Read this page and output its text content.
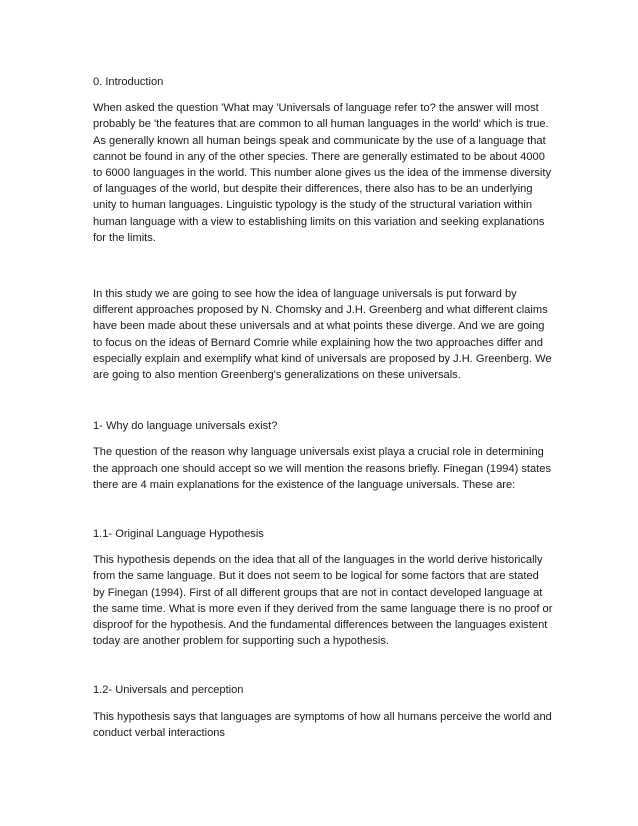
0. Introduction

When asked the question 'What may 'Universals of language refer to? the answer will most probably be 'the features that are common to all human languages in the world' which is true. As generally known all human beings speak and communicate by the use of a language that cannot be found in any of the other species. There are generally estimated to be about 4000 to 6000 languages in the world. This number alone gives us the idea of the immense diversity of languages of the world, but despite their differences, there also has to be an underlying unity to human languages. Linguistic typology is the study of the structural variation within human language with a view to establishing limits on this variation and seeking explanations for the limits.

In this study we are going to see how the idea of language universals is put forward by different approaches proposed by N. Chomsky and J.H. Greenberg and what different claims have been made about these universals and at what points these diverge. And we are going to focus on the ideas of Bernard Comrie while explaining how the two approaches differ and especially explain and exemplify what kind of universals are proposed by J.H. Greenberg. We are going to also mention Greenberg's generalizations on these universals.

1- Why do language universals exist?

The question of the reason why language universals exist playa a crucial role in determining the approach one should accept so we will mention the reasons briefly. Finegan (1994) states there are 4 main explanations for the existence of the language universals. These are:

1.1- Original Language Hypothesis

This hypothesis depends on the idea that all of the languages in the world derive historically from the same language. But it does not seem to be logical for some factors that are stated by Finegan (1994). First of all different groups that are not in contact developed language at the same time. What is more even if they derived from the same language there is no proof or disproof for the hypothesis. And the fundamental differences between the languages existent today are another problem for supporting such a hypothesis.

1.2- Universals and perception

This hypothesis says that languages are symptoms of how all humans perceive the world and conduct verbal interactions
